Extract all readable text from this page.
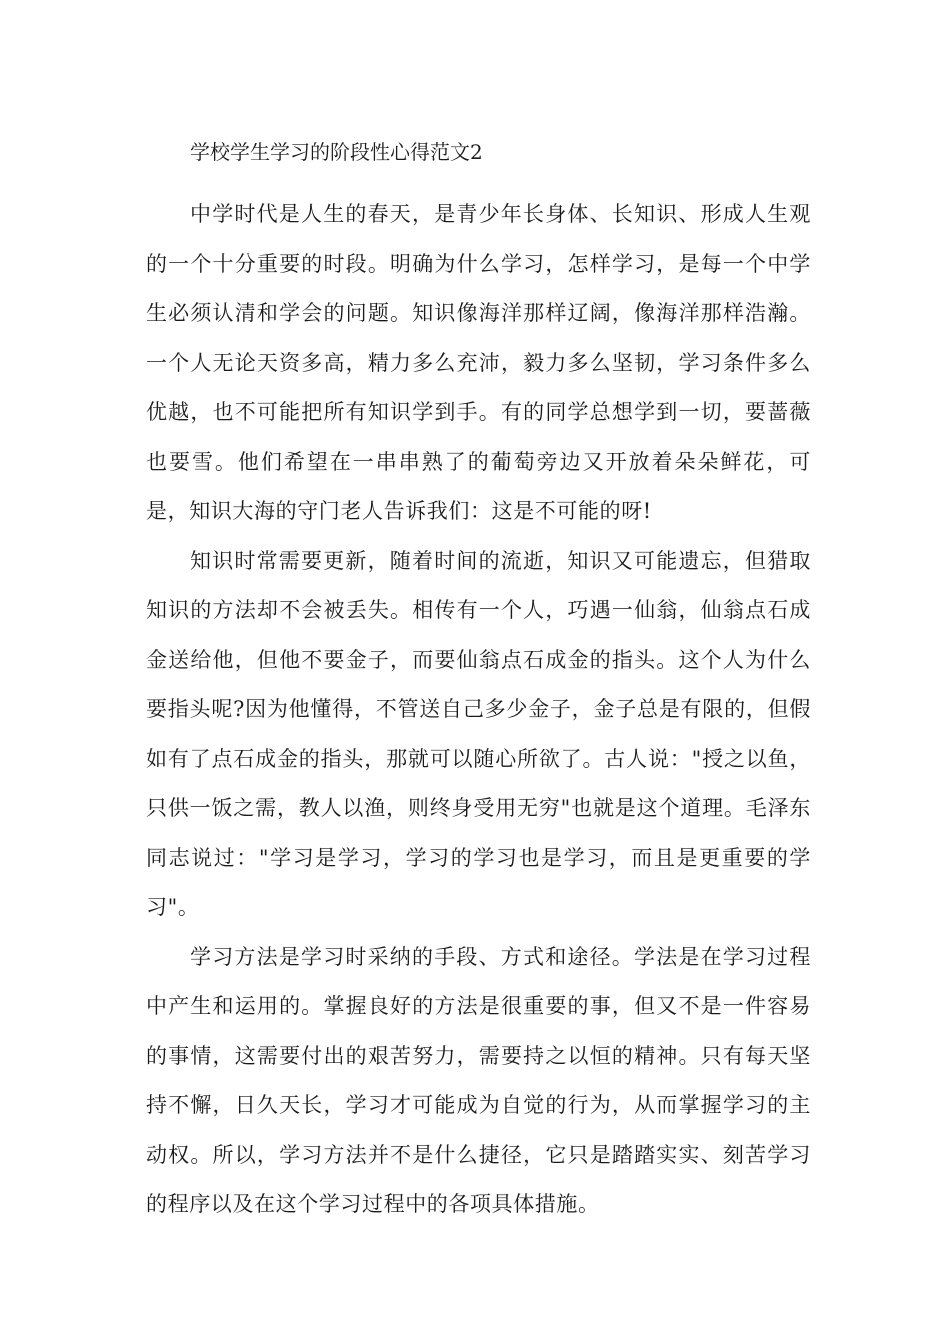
学校学生学习的阶段性心得范文2

中学时代是人生的春天，是青少年长身体、长知识、形成人生观的一个十分重要的时段。明确为什么学习，怎样学习，是每一个中学生必须认清和学会的问题。知识像海洋那样辽阔，像海洋那样浩瀚。一个人无论天资多高，精力多么充沛，毅力多么坚韧，学习条件多么优越，也不可能把所有知识学到手。有的同学总想学到一切，要蔷薇也要雪。他们希望在一串串熟了的葡萄旁边又开放着朵朵鲜花，可是，知识大海的守门老人告诉我们：这是不可能的呀!

知识时常需要更新，随着时间的流逝，知识又可能遗忘，但猎取知识的方法却不会被丢失。相传有一个人，巧遇一仙翁，仙翁点石成金送给他，但他不要金子，而要仙翁点石成金的指头。这个人为什么要指头呢?因为他懂得，不管送自己多少金子，金子总是有限的，但假如有了点石成金的指头，那就可以随心所欲了。古人说："授之以鱼，只供一饭之需，教人以渔，则终身受用无穷"也就是这个道理。毛泽东同志说过："学习是学习，学习的学习也是学习，而且是更重要的学习"。

学习方法是学习时采纳的手段、方式和途径。学法是在学习过程中产生和运用的。掌握良好的方法是很重要的事，但又不是一件容易的事情，这需要付出的艰苦努力，需要持之以恒的精神。只有每天坚持不懈，日久天长，学习才可能成为自觉的行为，从而掌握学习的主动权。所以，学习方法并不是什么捷径，它只是踏踏实实、刻苦学习的程序以及在这个学习过程中的各项具体措施。
